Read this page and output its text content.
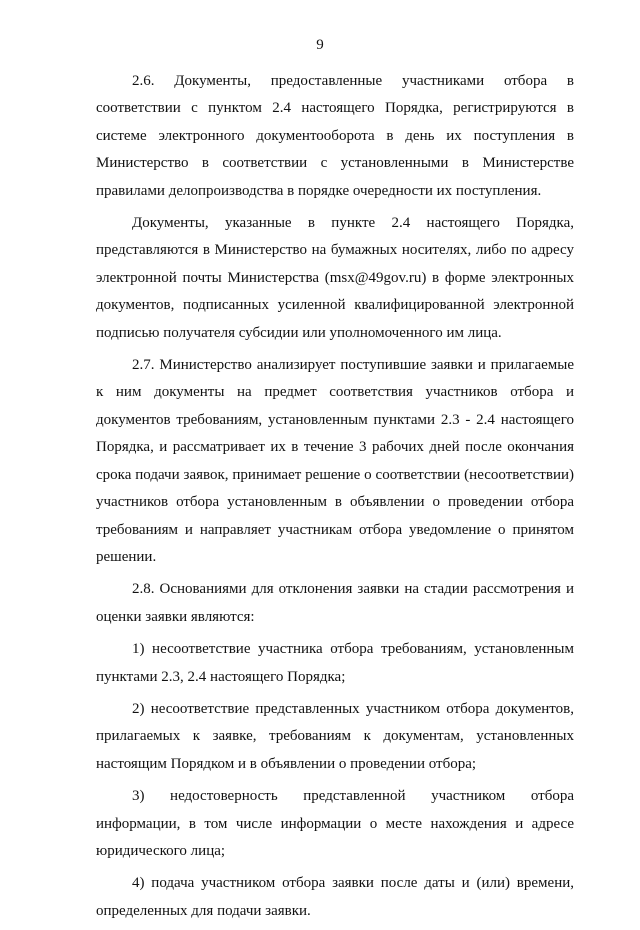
9

2.6. Документы, предоставленные участниками отбора в соответствии с пунктом 2.4 настоящего Порядка, регистрируются в системе электронного документооборота в день их поступления в Министерство в соответствии с установленными в Министерстве правилами делопроизводства в порядке очередности их поступления.

Документы, указанные в пункте 2.4 настоящего Порядка, представляются в Министерство на бумажных носителях, либо по адресу электронной почты Министерства (msx@49gov.ru) в форме электронных документов, подписанных усиленной квалифицированной электронной подписью получателя субсидии или уполномоченного им лица.

2.7. Министерство анализирует поступившие заявки и прилагаемые к ним документы на предмет соответствия участников отбора и документов требованиям, установленным пунктами 2.3 - 2.4 настоящего Порядка, и рассматривает их в течение 3 рабочих дней после окончания срока подачи заявок, принимает решение о соответствии (несоответствии) участников отбора установленным в объявлении о проведении отбора требованиям и направляет участникам отбора уведомление о принятом решении.

2.8. Основаниями для отклонения заявки на стадии рассмотрения и оценки заявки являются:

1) несоответствие участника отбора требованиям, установленным пунктами 2.3, 2.4 настоящего Порядка;

2) несоответствие представленных участником отбора документов, прилагаемых к заявке, требованиям к документам, установленных настоящим Порядком и в объявлении о проведении отбора;

3) недостоверность представленной участником отбора информации, в том числе информации о месте нахождения и адресе юридического лица;

4) подача участником отбора заявки после даты и (или) времени, определенных для подачи заявки.
